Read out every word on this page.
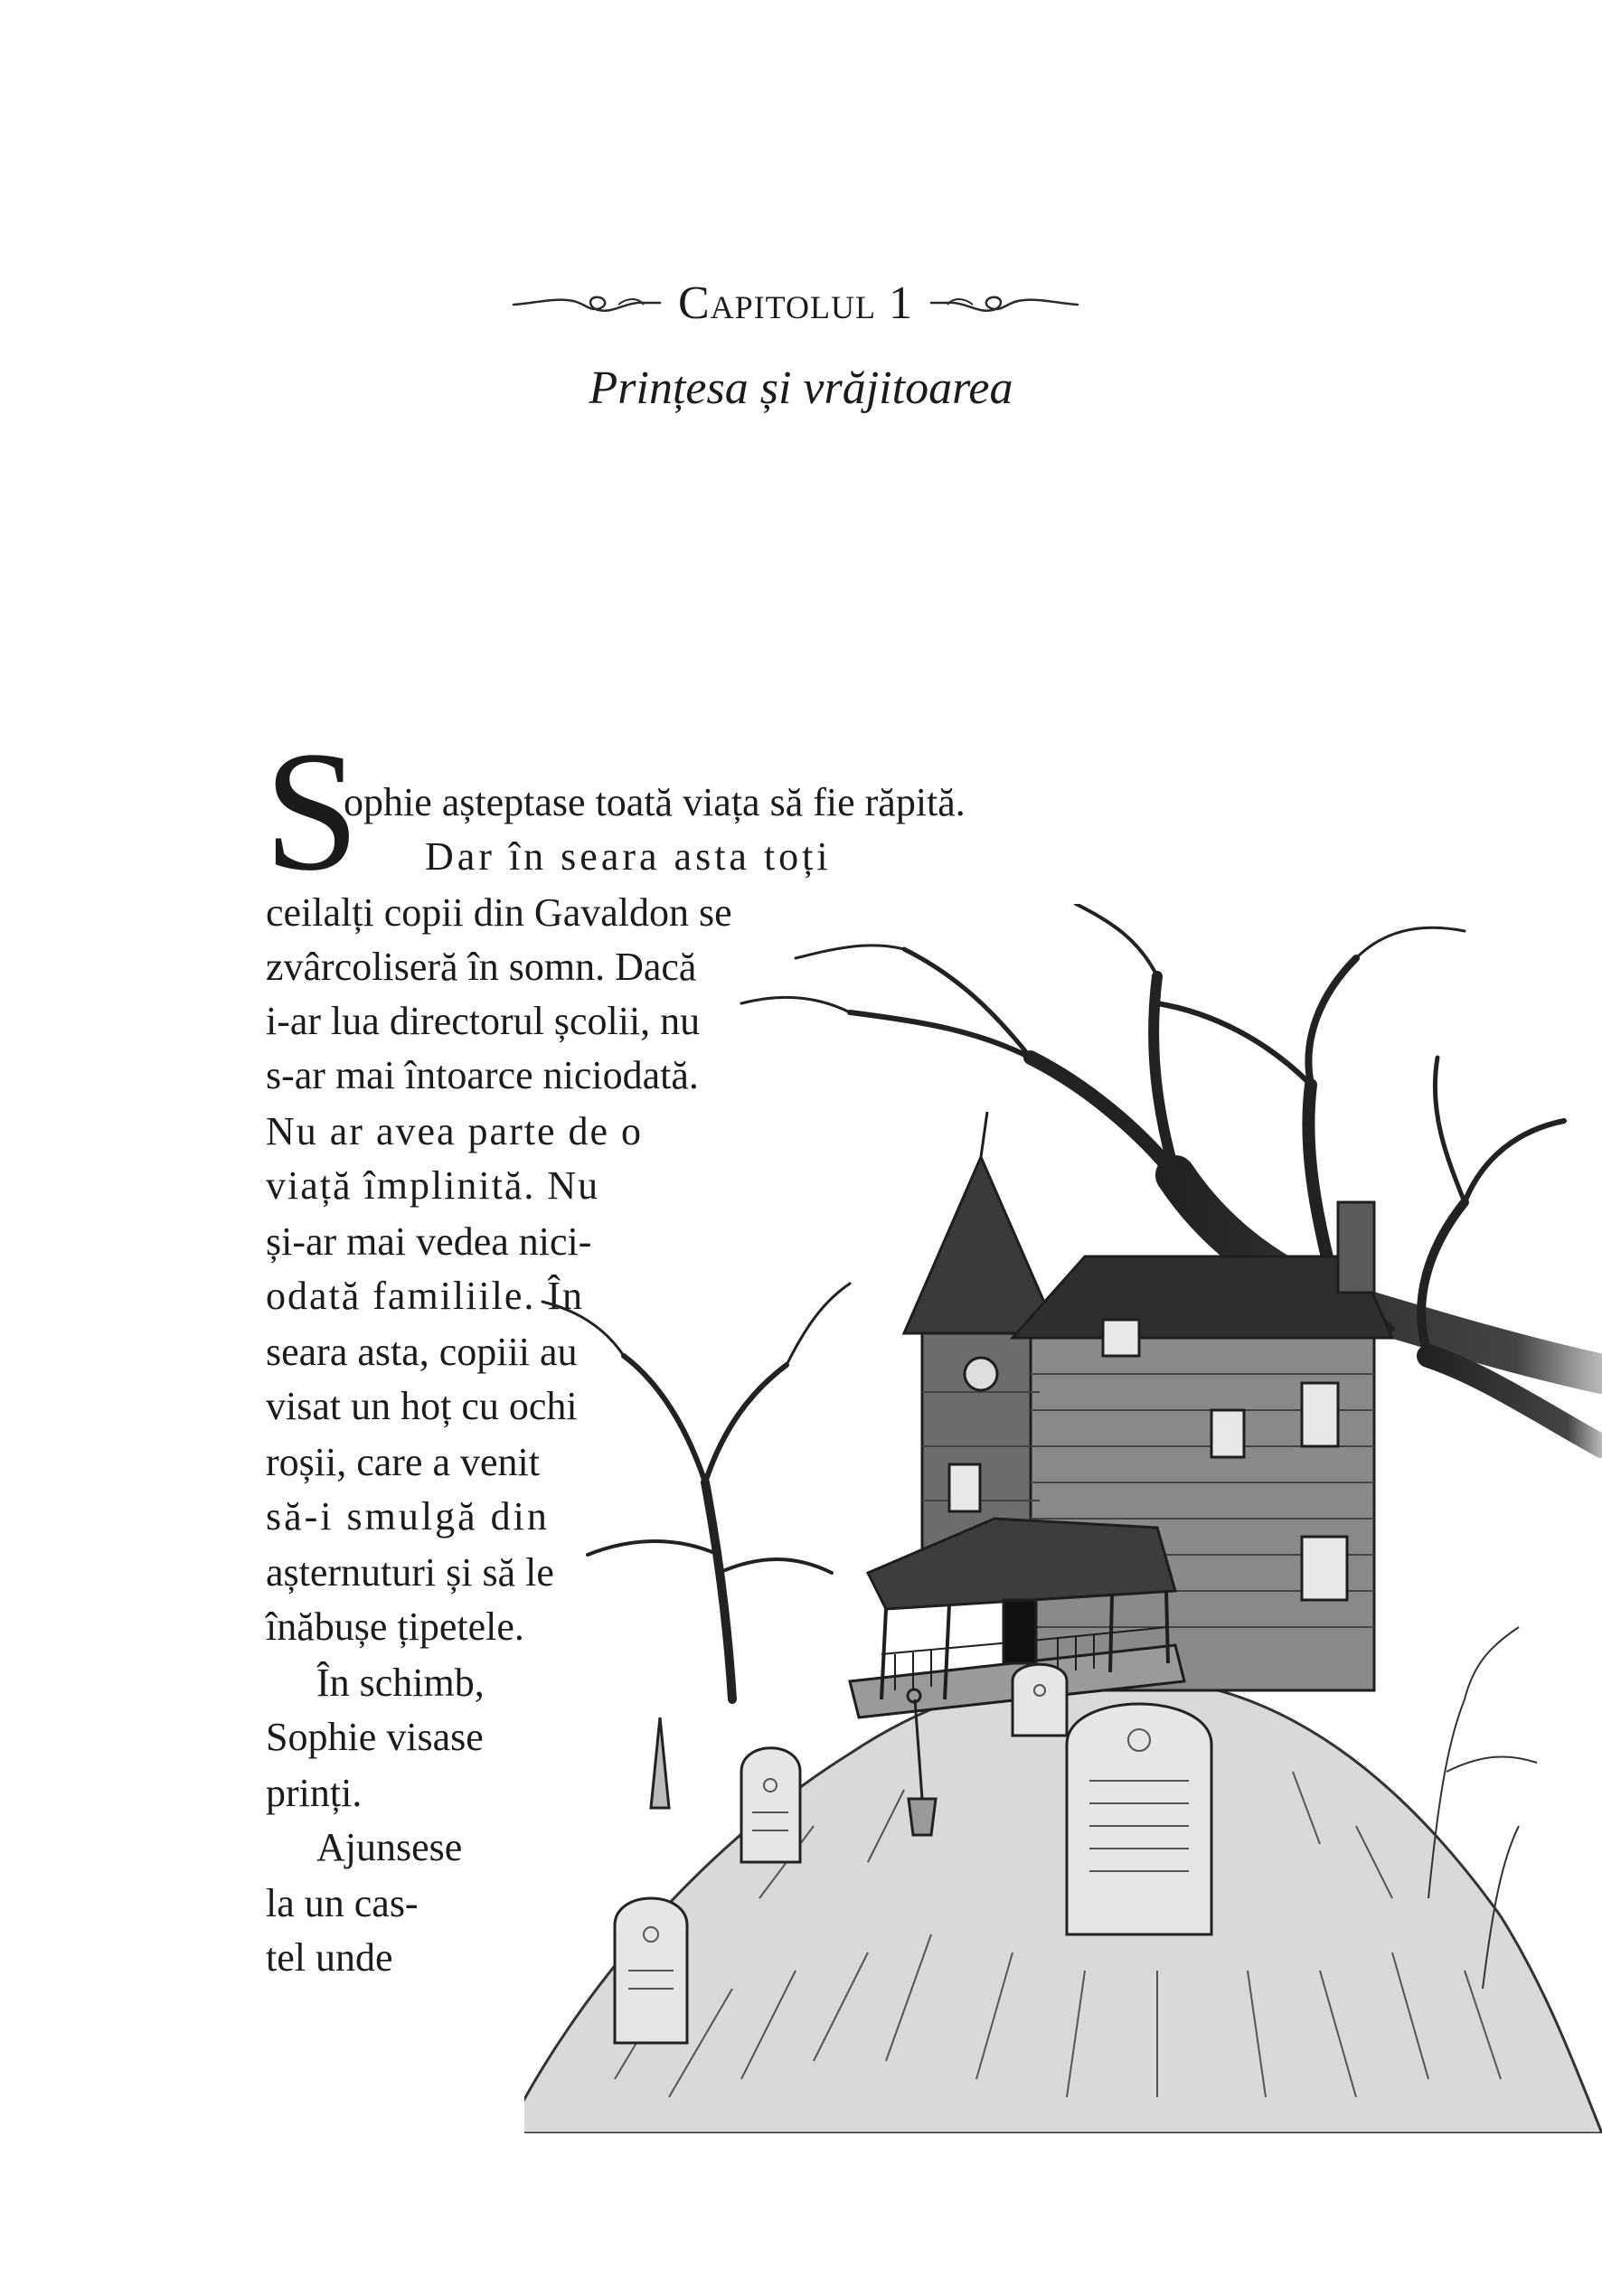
Capitolul 1
Prințesa și vrăjitoarea
S
ophie așteptase toată viața să fie răpită.
Dar în seara asta toți
ceilalți copii din Gavaldon se
zvârcoliseră în somn. Dacă
i-ar lua directorul școlii, nu
s-ar mai întoarce niciodată.
Nu ar avea parte de o
viață împlinită. Nu
și-ar mai vedea nici-
odată familiile. În
seara asta, copiii au
visat un hoț cu ochi
roșii, care a venit
să-i smulgă din
așternuturi și să le
înăbușe țipetele.
În schimb,
Sophie visase
prinți.
Ajunsese
la un cas-
tel unde
